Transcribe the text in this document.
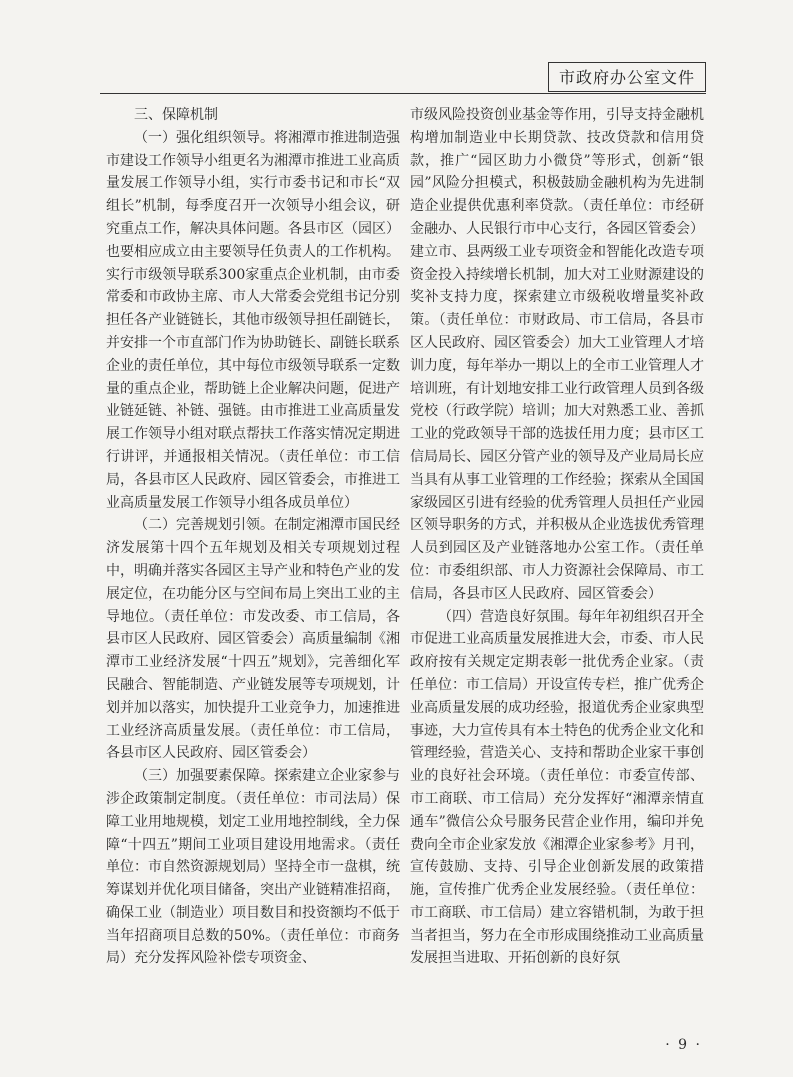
市政府办公室文件

三、保障机制

（一）强化组织领导。将湘潭市推进制造强市建设工作领导小组更名为湘潭市推进工业高质量发展工作领导小组，实行市委书记和市长“双组长”机制，每季度召开一次领导小组会议，研究重点工作，解决具体问题。各县市区（园区）也要相应成立由主要领导任负责人的工作机构。实行市级领导联系300家重点企业机制，由市委常委和市政协主席、市人大常委会党组书记分别担任各产业链链长，其他市级领导担任副链长，并安排一个市直部门作为协助链长、副链长联系企业的责任单位，其中每位市级领导联系一定数量的重点企业，帮助链上企业解决问题，促进产业链延链、补链、强链。由市推进工业高质量发展工作领导小组对联点帮扶工作落实情况定期进行讲评，并通报相关情况。（责任单位：市工信局，各县市区人民政府、园区管委会，市推进工业高质量发展工作领导小组各成员单位）

（二）完善规划引领。在制定湘潭市国民经济发展第十四个五年规划及相关专项规划过程中，明确并落实各园区主导产业和特色产业的发展定位，在功能分区与空间布局上突出工业的主导地位。（责任单位：市发改委、市工信局，各县市区人民政府、园区管委会）高质量编制《湘潭市工业经济发展“十四五”规划》，完善细化军民融合、智能制造、产业链发展等专项规划，计划并加以落实，加快提升工业竞争力，加速推进工业经济高质量发展。（责任单位：市工信局，各县市区人民政府、园区管委会）

（三）加强要素保障。探索建立企业家参与涉企政策制定制度。（责任单位：市司法局）保障工业用地规模，划定工业用地控制线，全力保障“十四五”期间工业项目建设用地需求。（责任单位：市自然资源规划局）坚持全市一盘棋，统筹谋划并优化项目储备，突出产业链精准招商，确保工业（制造业）项目数目和投资额均不低于当年招商项目总数的50%。（责任单位：市商务局）充分发挥风险补偿专项资金、

市级风险投资创业基金等作用，引导支持金融机构增加制造业中长期贷款、技改贷款和信用贷款，推广“园区助力小微贷”等形式，创新“银园”风险分担模式，积极鼓励金融机构为先进制造企业提供优惠利率贷款。（责任单位：市经研金融办、人民银行市中心支行，各园区管委会）建立市、县两级工业专项资金和智能化改造专项资金投入持续增长机制，加大对工业财源建设的奖补支持力度，探索建立市级税收增量奖补政策。（责任单位：市财政局、市工信局，各县市区人民政府、园区管委会）加大工业管理人才培训力度，每年举办一期以上的全市工业管理人才培训班，有计划地安排工业行政管理人员到各级党校（行政学院）培训；加大对熟悉工业、善抓工业的党政领导干部的选拔任用力度；县市区工信局局长、园区分管产业的领导及产业局局长应当具有从事工业管理的工作经验；探索从全国国家级园区引进有经验的优秀管理人员担任产业园区领导职务的方式，并积极从企业选拔优秀管理人员到园区及产业链落地办公室工作。（责任单位：市委组织部、市人力资源社会保障局、市工信局，各县市区人民政府、园区管委会）

（四）营造良好氛围。每年年初组织召开全市促进工业高质量发展推进大会，市委、市人民政府按有关规定定期表彰一批优秀企业家。（责任单位：市工信局）开设宣传专栏，推广优秀企业高质量发展的成功经验，报道优秀企业家典型事迹，大力宣传具有本土特色的优秀企业文化和管理经验，营造关心、支持和帮助企业家干事创业的良好社会环境。（责任单位：市委宣传部、市工商联、市工信局）充分发挥好“湘潭亲情直通车”微信公众号服务民营企业作用，编印并免费向全市企业家发放《湘潭企业家参考》月刊，宣传鼓励、支持、引导企业创新发展的政策措施，宣传推广优秀企业发展经验。（责任单位：市工商联、市工信局）建立容错机制，为敢于担当者担当，努力在全市形成围绕推动工业高质量发展担当进取、开拓创新的良好氛

· 9 ·
